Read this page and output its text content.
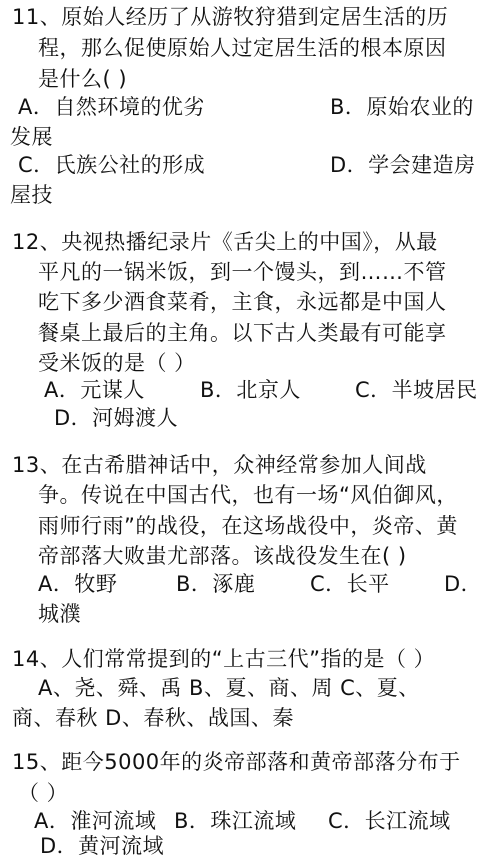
11、原始人经历了从游牧狩猎到定居生活的历
程，那么促使原始人过定居生活的根本原因
是什么( )
A．自然环境的优劣	B．原始农业的
发展
C．氏族公社的形成	D．学会建造房
屋技
12、央视热播纪录片《舌尖上的中国》，从最
平凡的一锅米饭，到一个馒头，到……不管
吃下多少酒食菜肴，主食，永远都是中国人
餐桌上最后的主角。以下古人类最有可能享
受米饭的是（ ）
A．元谋人	B．北京人	C．半坡居民
D．河姆渡人
13、在古希腊神话中，众神经常参加人间战
争。传说在中国古代，也有一场“风伯御风，
雨师行雨”的战役，在这场战役中，炎帝、黄
帝部落大败蚩尤部落。该战役发生在( )
A．牧野	B．涿鹿	C．长平	D．
城濮
14、人们常常提到的“上古三代”指的是（ ）
A、尧、舜、禹 B、夏、商、周 C、夏、
商、春秋 D、春秋、战国、秦
15、距今5000年的炎帝部落和黄帝部落分布于
（ ）
A．淮河流域 B．珠江流域 C．长江流域
D．黄河流域
